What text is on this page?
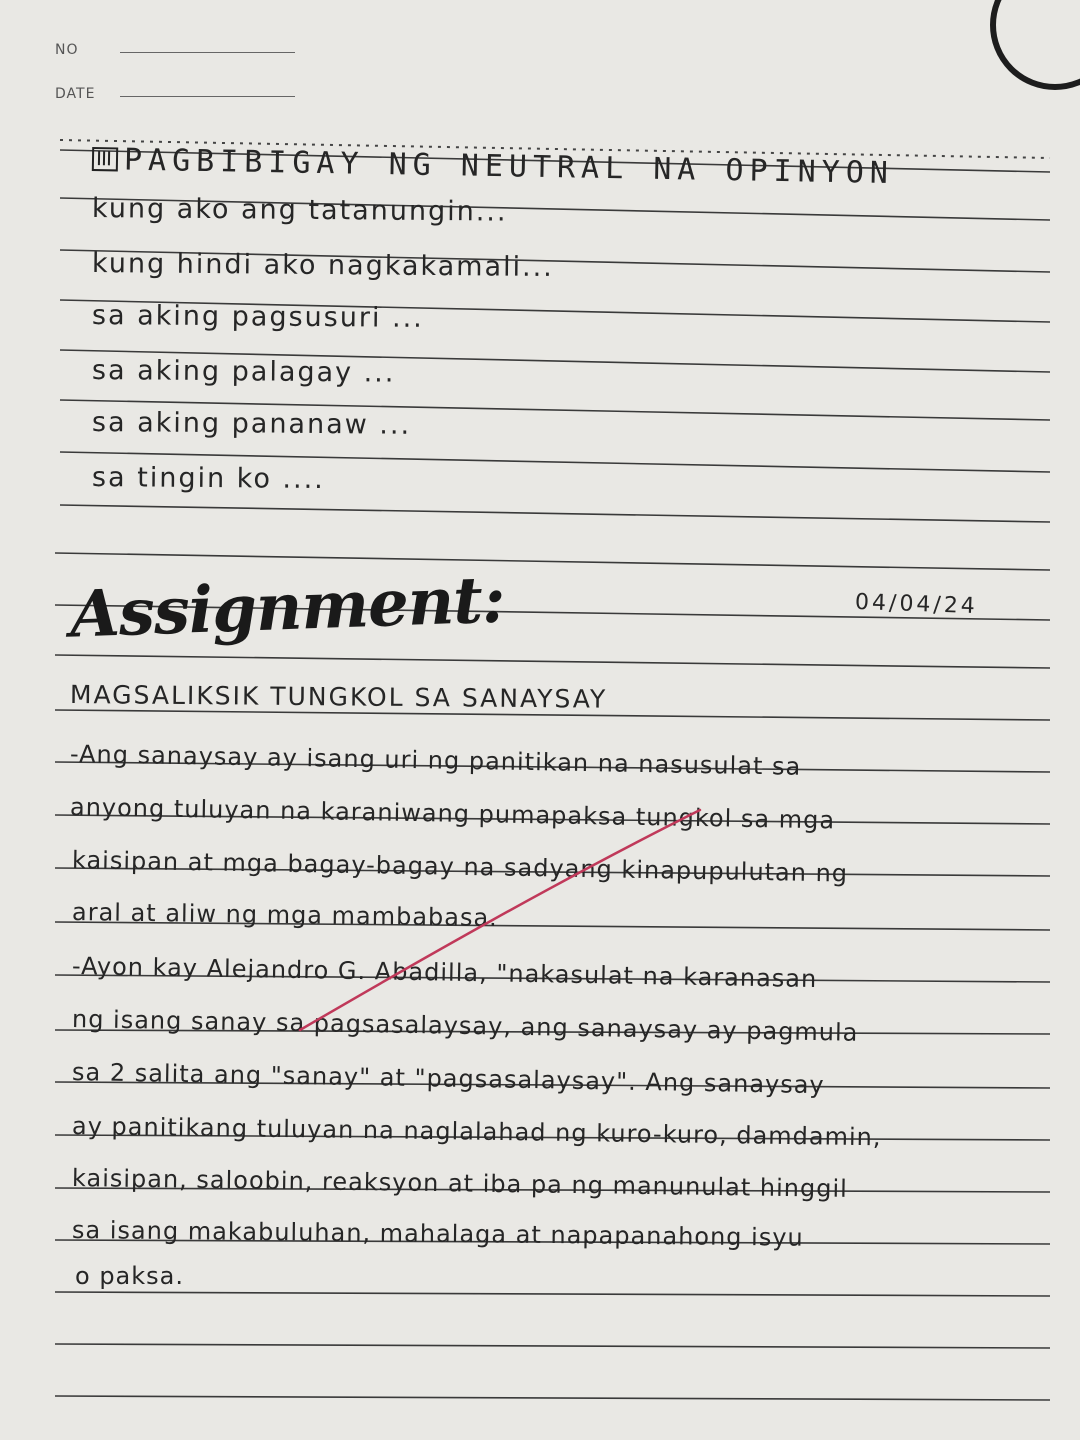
NO
DATE
PAGBIBIGAY NG NEUTRAL NA OPINYON
kung ako ang tatanungin...
kung hindi ako nagkakamali...
sa aking pagsusuri ...
sa aking palagay ...
sa aking pananaw ...
sa tingin ko ....
Assignment:	04/04/24
MAGSALIKSIK TUNGKOL SA SANAYSAY
-Ang sanaysay ay isang uri ng panitikan na nasusulat sa
anyong tuluyan na karaniwang pumapaksa tungkol sa mga
kaisipan at mga bagay-bagay na sadyang kinapupulutan ng
aral at aliw ng mga mambabasa.
-Ayon kay Alejandro G. Abadilla, "nakasulat na karanasan
ng isang sanay sa pagsasalaysay, ang sanaysay ay pagmula
sa 2 salita ang "sanay" at "pagsasalaysay". Ang sanaysay
ay panitikang tuluyan na naglalahad ng kuro-kuro, damdamin,
kaisipan, saloobin, reaksyon at iba pa ng manunulat hinggil
sa isang makabuluhan, mahalaga at napapanahong isyu
o paksa.
